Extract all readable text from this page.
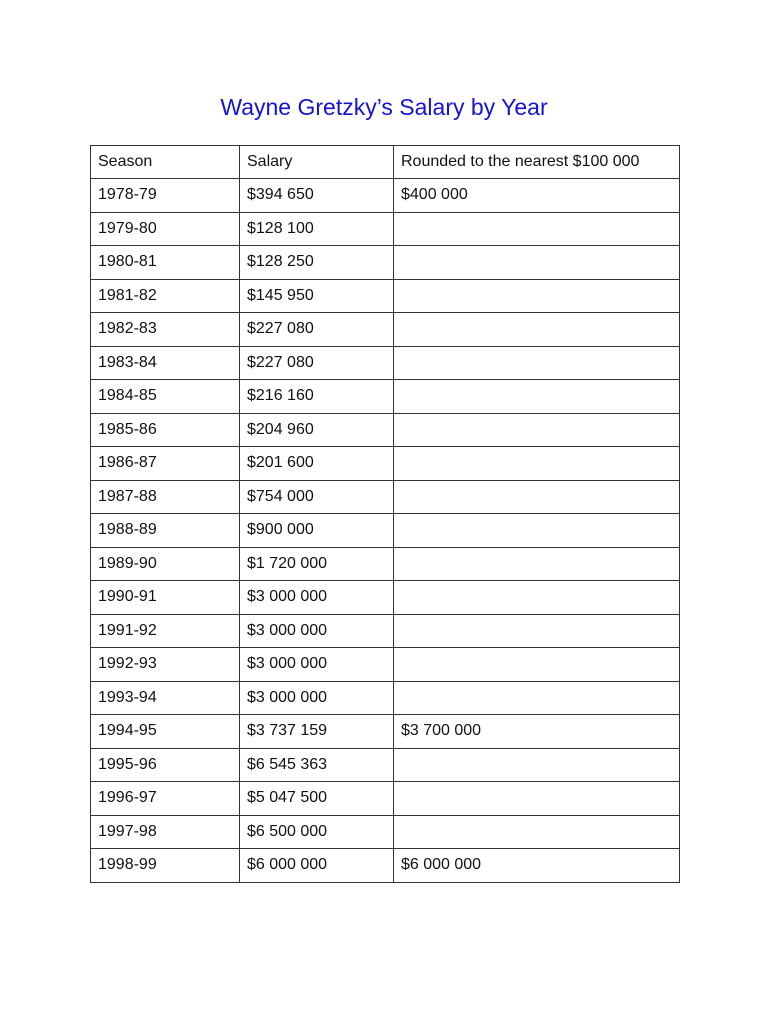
Wayne Gretzky’s Salary by Year
Season	Salary	Rounded to the nearest $100 000
1978-79	$394 650	$400 000
1979-80	$128 100	
1980-81	$128 250	
1981-82	$145 950	
1982-83	$227 080	
1983-84	$227 080	
1984-85	$216 160	
1985-86	$204 960	
1986-87	$201 600	
1987-88	$754 000	
1988-89	$900 000	
1989-90	$1 720 000	
1990-91	$3 000 000	
1991-92	$3 000 000	
1992-93	$3 000 000	
1993-94	$3 000 000	
1994-95	$3 737 159	$3 700 000
1995-96	$6 545 363	
1996-97	$5 047 500	
1997-98	$6 500 000	
1998-99	$6 000 000	$6 000 000
